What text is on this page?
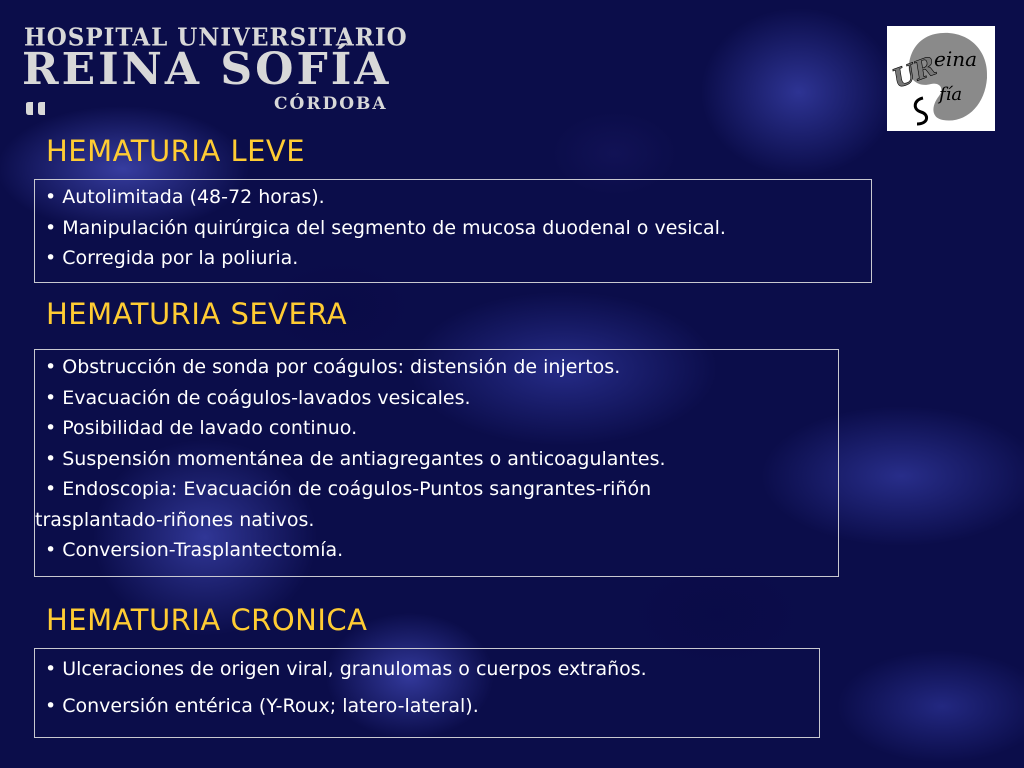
HOSPITAL UNIVERSITARIO
REINA SOFÍA
CÓRDOBA
eina
UR
fía
HEMATURIA LEVE
• Autolimitada (48-72 horas).
• Manipulación quirúrgica del segmento de mucosa duodenal o vesical.
• Corregida por la poliuria.
HEMATURIA SEVERA
• Obstrucción de sonda por coágulos: distensión de injertos.
• Evacuación de coágulos-lavados vesicales.
• Posibilidad de lavado continuo.
• Suspensión momentánea de antiagregantes o anticoagulantes.
• Endoscopia: Evacuación de coágulos-Puntos sangrantes-riñón
trasplantado-riñones nativos.
• Conversion-Trasplantectomía.
HEMATURIA CRONICA
• Ulceraciones de origen viral, granulomas o cuerpos extraños.
• Conversión entérica (Y-Roux; latero-lateral).
